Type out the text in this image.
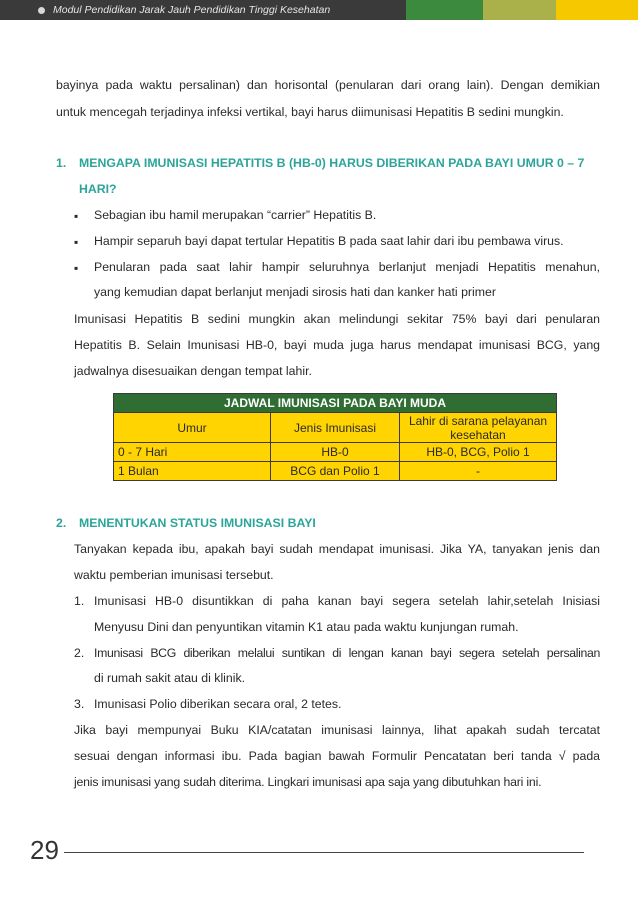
Modul Pendidikan Jarak Jauh Pendidikan Tinggi Kesehatan
bayinya pada waktu persalinan) dan horisontal (penularan dari orang lain). Dengan demikian
untuk mencegah terjadinya infeksi vertikal, bayi harus diimunisasi Hepatitis B sedini mungkin.
1. MENGAPA IMUNISASI HEPATITIS B (HB-0) HARUS DIBERIKAN PADA BAYI UMUR 0 – 7
HARI?
▪ Sebagian ibu hamil merupakan “carrier” Hepatitis B.
▪ Hampir separuh bayi dapat tertular Hepatitis B pada saat lahir dari ibu pembawa virus.
▪ Penularan pada saat lahir hampir seluruhnya berlanjut menjadi Hepatitis menahun,
yang kemudian dapat berlanjut menjadi sirosis hati dan kanker hati primer
Imunisasi Hepatitis B sedini mungkin akan melindungi sekitar 75% bayi dari penularan
Hepatitis B. Selain Imunisasi HB-0, bayi muda juga harus mendapat imunisasi BCG, yang
jadwalnya disesuaikan dengan tempat lahir.
JADWAL IMUNISASI PADA BAYI MUDA		
Umur	Jenis Imunisasi	Lahir di sarana pelayanan
kesehatan
0 - 7 Hari	HB-0	HB-0, BCG, Polio 1
1 Bulan	BCG dan Polio 1	-
2. MENENTUKAN STATUS IMUNISASI BAYI
Tanyakan kepada ibu, apakah bayi sudah mendapat imunisasi. Jika YA, tanyakan jenis dan
waktu pemberian imunisasi tersebut.
1. Imunisasi HB-0 disuntikkan di paha kanan bayi segera setelah lahir,setelah Inisiasi
Menyusu Dini dan penyuntikan vitamin K1 atau pada waktu kunjungan rumah.
2. Imunisasi BCG diberikan melalui suntikan di lengan kanan bayi segera setelah persalinan
di rumah sakit atau di klinik.
3. Imunisasi Polio diberikan secara oral, 2 tetes.
Jika bayi mempunyai Buku KIA/catatan imunisasi lainnya, lihat apakah sudah tercatat
sesuai dengan informasi ibu. Pada bagian bawah Formulir Pencatatan beri tanda √ pada
jenis imunisasi yang sudah diterima. Lingkari imunisasi apa saja yang dibutuhkan hari ini.
29
